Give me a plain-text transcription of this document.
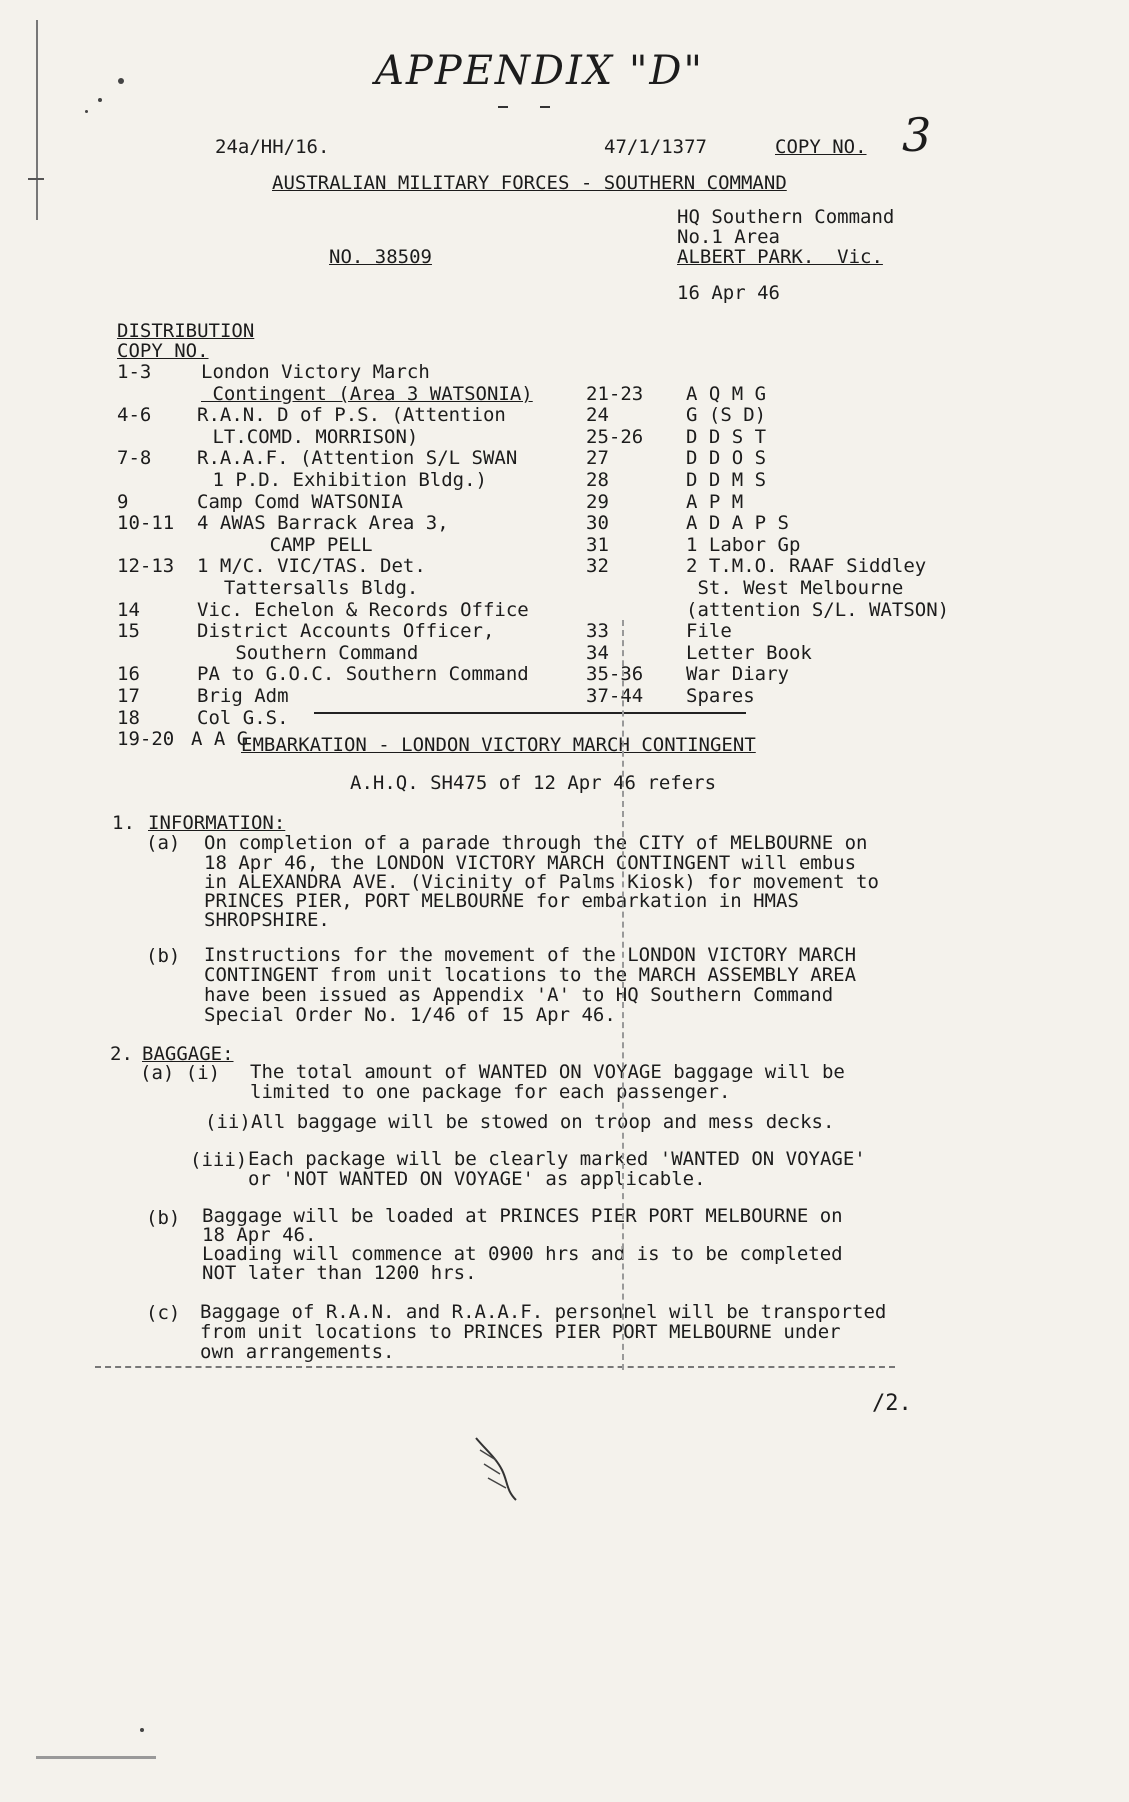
APPENDIX "D"
24a/HH/16.	47/1/1377	COPY NO. 3
AUSTRALIAN MILITARY FORCES - SOUTHERN COMMAND
HQ Southern Command
No.1 Area
ALBERT PARK.  Vic.
NO. 38509
16 Apr 46
DISTRIBUTION
COPY NO.
1-3	London Victory March
Contingent (Area 3 WATSONIA)
4-6 R.A.N. D of P.S. (Attention
LT.COMD. MORRISON)
7-8 R.A.A.F. (Attention S/L SWAN
1 P.D. Exhibition Bldg.)
9	Camp Comd WATSONIA
10-11 4 AWAS Barrack Area 3,
CAMP PELL
12-13 1 M/C. VIC/TAS. Det.
Tattersalls Bldg.
14	Vic. Echelon & Records Office
15	District Accounts Officer,
Southern Command
16	PA to G.O.C. Southern Command
17	Brig Adm
18	Col G.S.
19-20 A A G
21-23 A Q M G
24	G (S D)
25-26 D D S T
27	D D O S
28	D D M S
29	A P M
30	A D A P S
31	1 Labor Gp
32	2 T.M.O. RAAF Siddley
St. West Melbourne
(attention S/L. WATSON)
33	File
34	Letter Book
35-36 War Diary
37-44 Spares
EMBARKATION - LONDON VICTORY MARCH CONTINGENT
A.H.Q. SH475 of 12 Apr 46 refers
1. INFORMATION:
(a) On completion of a parade through the CITY of MELBOURNE on
18 Apr 46, the LONDON VICTORY MARCH CONTINGENT will embus
in ALEXANDRA AVE. (Vicinity of Palms Kiosk) for movement to
PRINCES PIER, PORT MELBOURNE for embarkation in HMAS
SHROPSHIRE.
(b) Instructions for the movement of the LONDON VICTORY MARCH
CONTINGENT from unit locations to the MARCH ASSEMBLY AREA
have been issued as Appendix 'A' to HQ Southern Command
Special Order No. 1/46 of 15 Apr 46.
2. BAGGAGE:
(a) (i) The total amount of WANTED ON VOYAGE baggage will be
limited to one package for each passenger.
(ii) All baggage will be stowed on troop and mess decks.
(iii) Each package will be clearly marked 'WANTED ON VOYAGE'
or 'NOT WANTED ON VOYAGE' as applicable.
(b) Baggage will be loaded at PRINCES PIER PORT MELBOURNE on
18 Apr 46.
Loading will commence at 0900 hrs and is to be completed
NOT later than 1200 hrs.
(c) Baggage of R.A.N. and R.A.A.F. personnel will be transported
from unit locations to PRINCES PIER PORT MELBOURNE under
own arrangements.
/2.
